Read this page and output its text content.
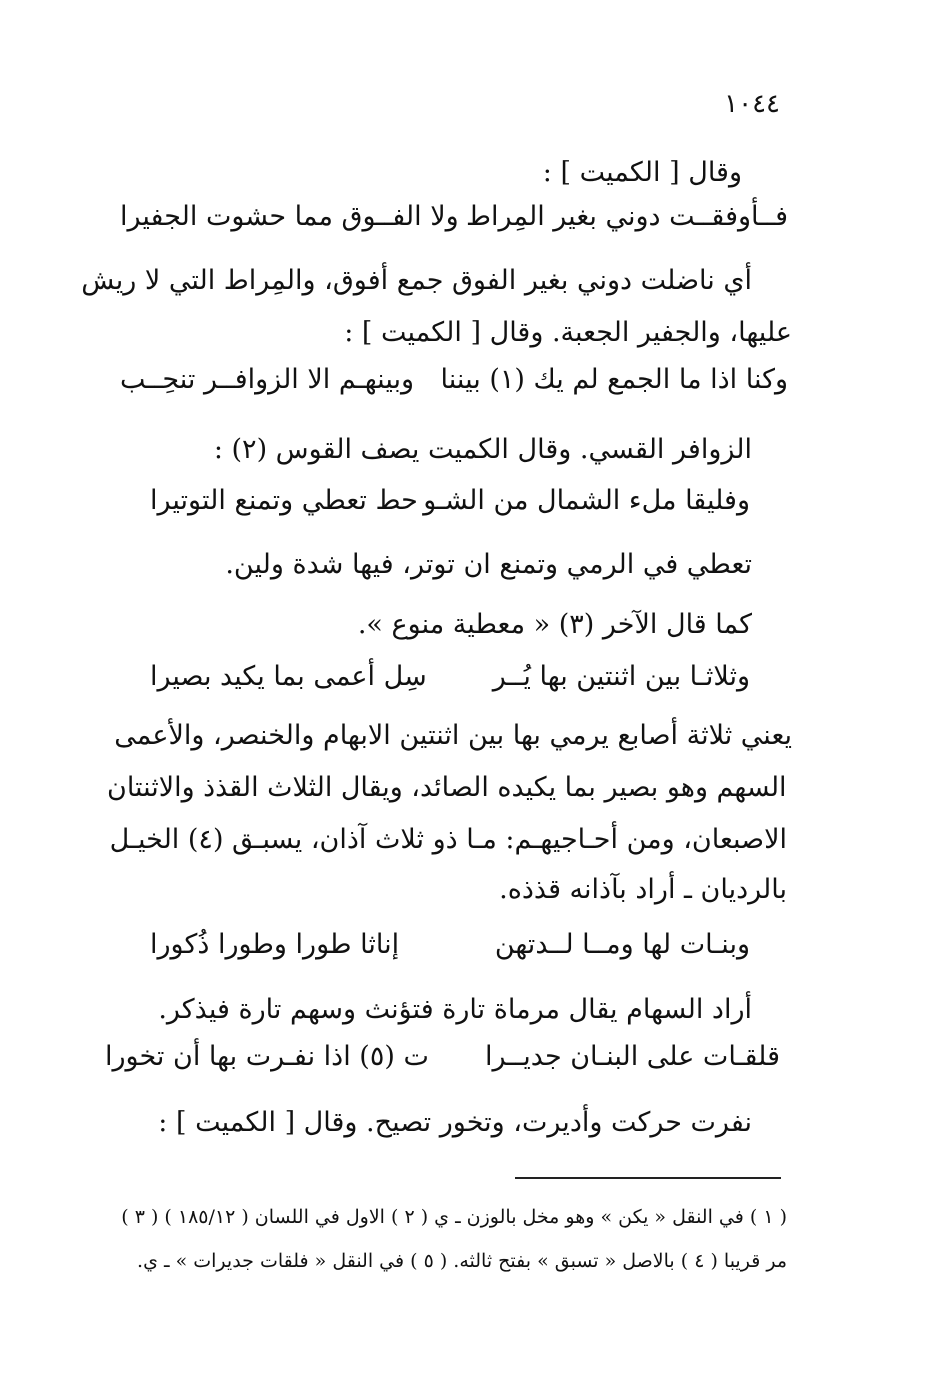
١٠٤٤
وقال [ الكميت ] :
فــأوفقــت دوني بغير المِراط
ولا الفــوق مما حشوت الجفيرا
أي ناضلت دوني بغير الفوق جمع أفوق، والمِراط التي لا ريش
عليها، والجفير الجعبة. وقال [ الكميت ] :
وكنا اذا ما الجمع لم يك (١) بيننا
وبينهـم الا الزوافــر تنحِــب
الزوافر القسي. وقال الكميت يصف القوس (٢) :
وفليقا ملء الشمال من الشـو
حط تعطي وتمنع التوتيرا
تعطي في الرمي وتمنع ان توتر، فيها شدة ولين.
كما قال الآخر (٣) « معطية منوع ».
وثلاثـا بين اثنتين بها يُــر
سِل أعمى بما يكيد بصيرا
يعني ثلاثة أصابع يرمي بها بين اثنتين الابهام والخنصر، والأعمى
السهم وهو بصير بما يكيده الصائد، ويقال الثلاث القذذ والاثنتان
الاصبعان، ومن أحـاجيهـم: مـا ذو ثلاث آذان، يسبـق (٤) الخيـل
بالرديان ـ أراد بآذانه قذذه.
وبنـات لها ومــا لــدتهن
إناثا طورا وطورا ذُكورا
أراد السهام يقال مرماة تارة فتؤنث وسهم تارة فيذكر.
قلقـات على البنـان جديــرا
ت (٥) اذا نفـرت بها أن تخورا
نفرت حركت وأديرت، وتخور تصيح. وقال [ الكميت ] :
( ١ ) في النقل « يكن » وهو مخل بالوزن ـ ي ( ٢ ) الاول في اللسان ( ١٨٥/١٢ ) ( ٣ )
مر قريبا ( ٤ ) بالاصل « تسبق » بفتح ثالثه. ( ٥ ) في النقل « فلقات جديرات » ـ ي.
